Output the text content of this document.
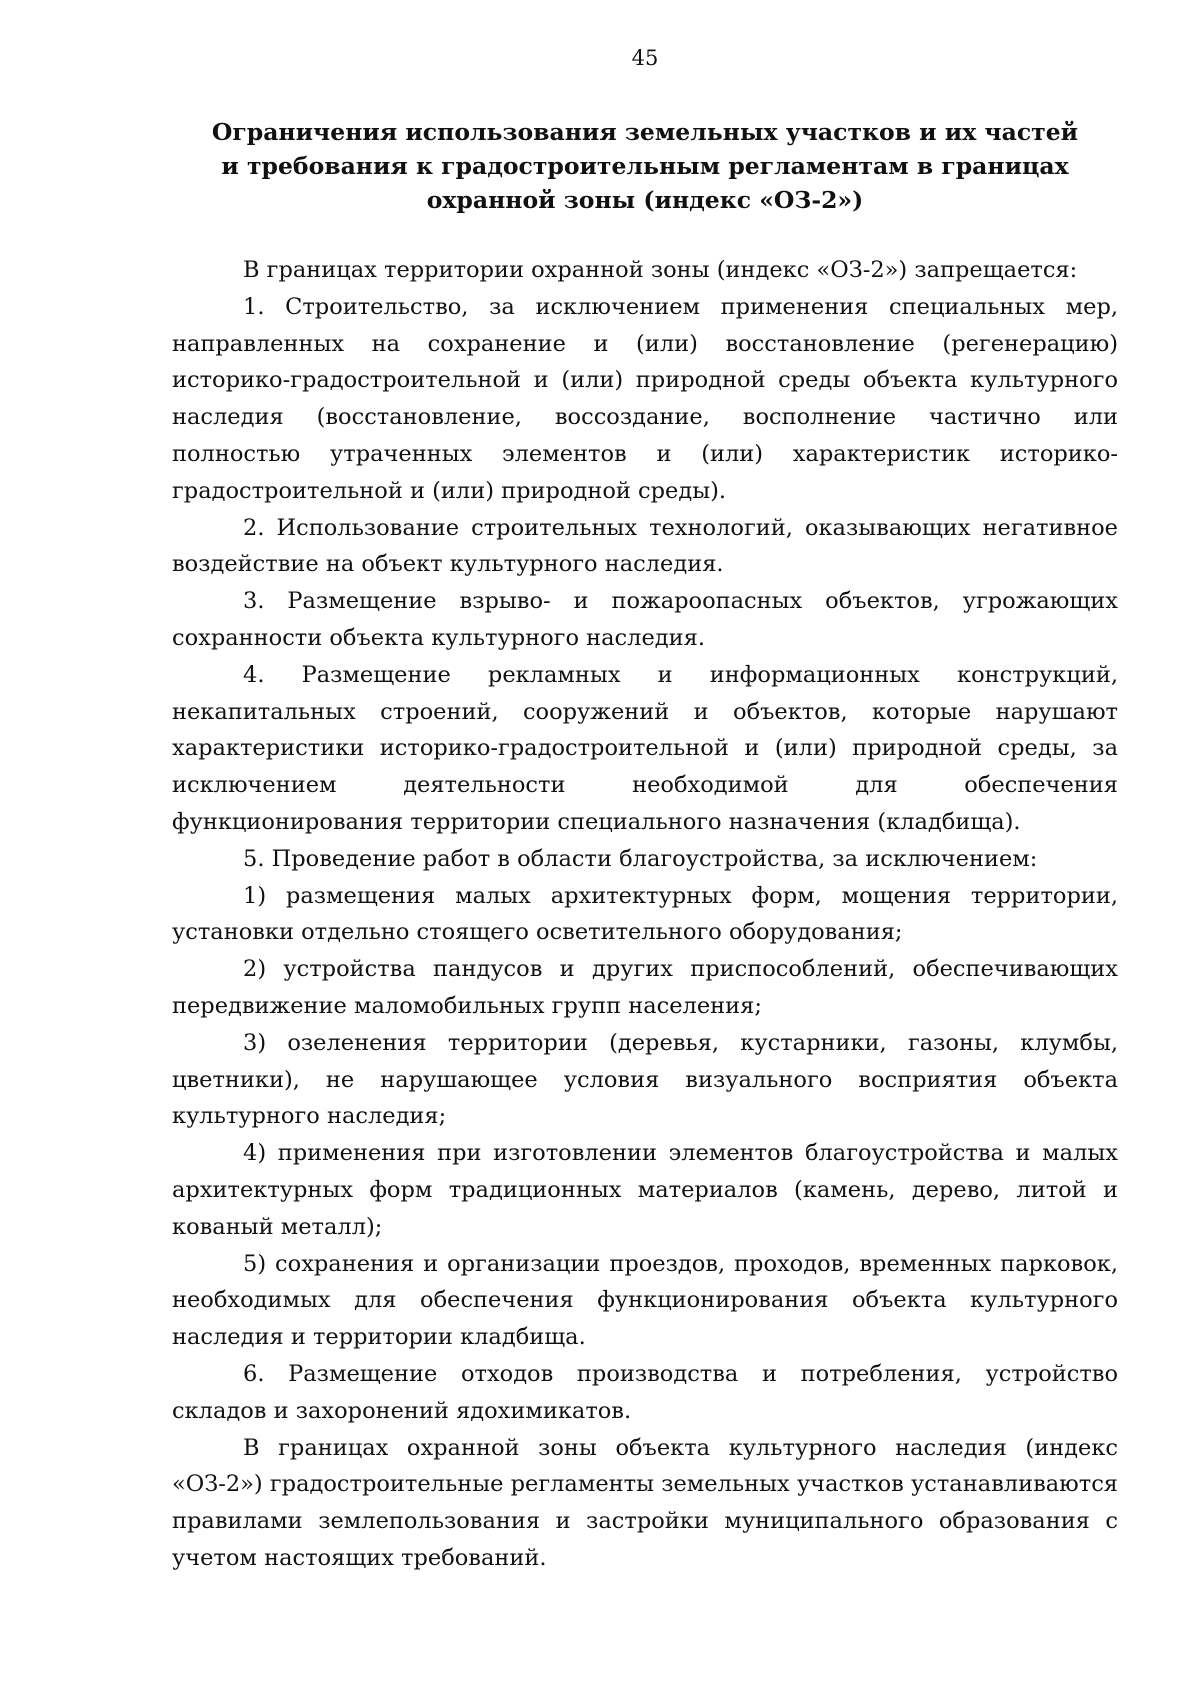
45
Ограничения использования земельных участков и их частей
и требования к градостроительным регламентам в границах
охранной зоны (индекс «ОЗ-2»)

В границах территории охранной зоны (индекс «ОЗ-2») запрещается:

1. Строительство, за исключением применения специальных мер, направленных на сохранение и (или) восстановление (регенерацию) историко-градостроительной и (или) природной среды объекта культурного наследия (восстановление, воссоздание, восполнение частично или полностью утраченных элементов и (или) характеристик историко- градостроительной и (или) природной среды).

2. Использование строительных технологий, оказывающих негативное воздействие на объект культурного наследия.

3. Размещение взрыво- и пожароопасных объектов, угрожающих сохранности объекта культурного наследия.

4. Размещение рекламных и информационных конструкций, некапитальных строений, сооружений и объектов, которые нарушают характеристики историко-градостроительной и (или) природной среды, за исключением деятельности необходимой для обеспечения функционирования территории специального назначения (кладбища).

5. Проведение работ в области благоустройства, за исключением:

1) размещения малых архитектурных форм, мощения территории, установки отдельно стоящего осветительного оборудования;

2) устройства пандусов и других приспособлений, обеспечивающих передвижение маломобильных групп населения;

3) озеленения территории (деревья, кустарники, газоны, клумбы, цветники), не нарушающее условия визуального восприятия объекта культурного наследия;

4) применения при изготовлении элементов благоустройства и малых архитектурных форм традиционных материалов (камень, дерево, литой и кованый металл);

5) сохранения и организации проездов, проходов, временных парковок, необходимых для обеспечения функционирования объекта культурного наследия и территории кладбища.

6. Размещение отходов производства и потребления, устройство складов и захоронений ядохимикатов.

В границах охранной зоны объекта культурного наследия (индекс «ОЗ-2») градостроительные регламенты земельных участков устанавливаются правилами землепользования и застройки муниципального образования с учетом настоящих требований.
